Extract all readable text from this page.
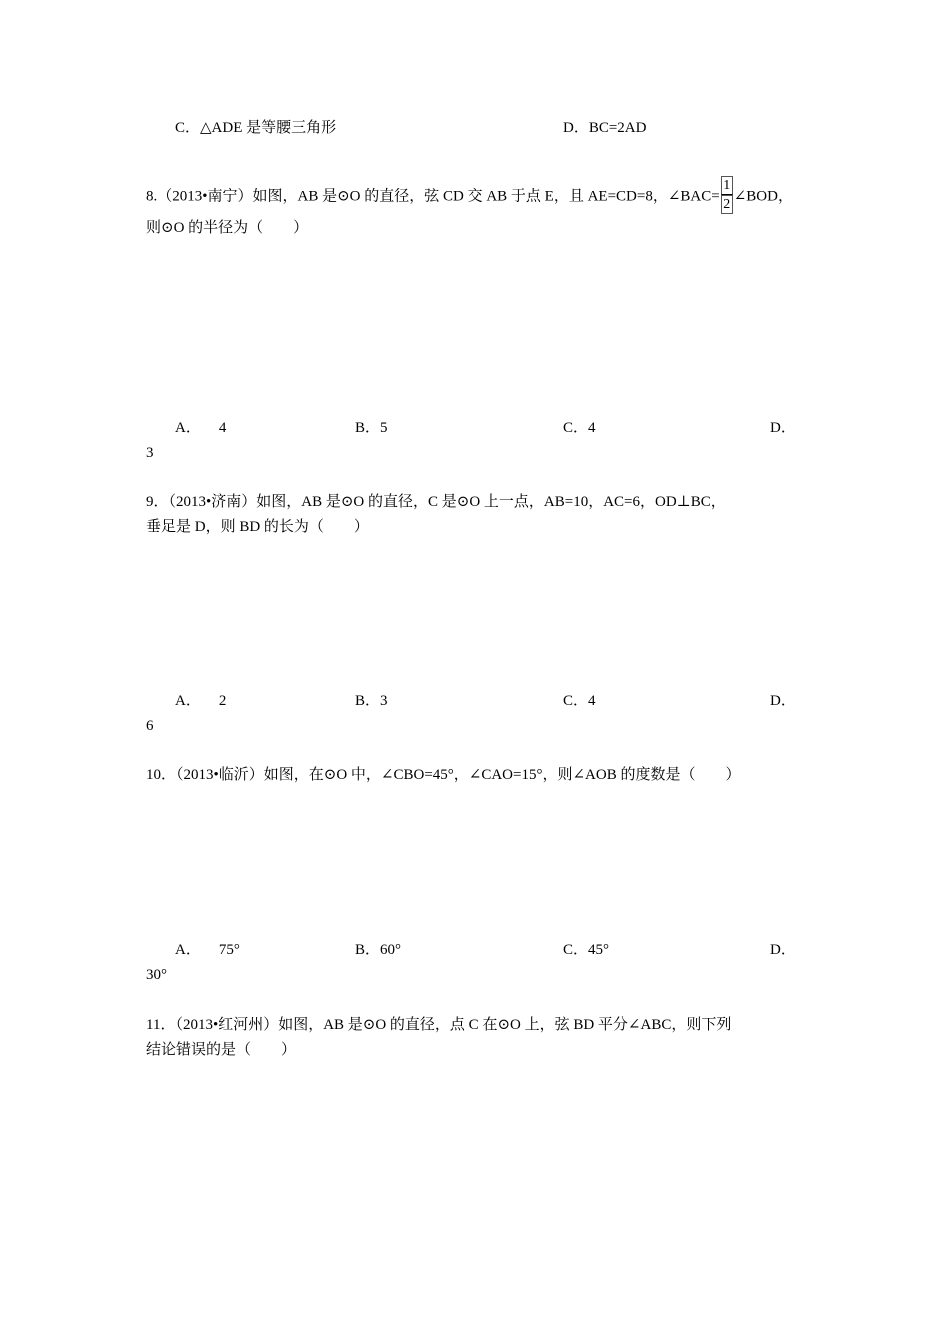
C．△ADE 是等腰三角形	D．BC=2AD
8.（2013•南宁）如图，AB 是⊙O 的直径，弦 CD 交 AB 于点 E，且 AE=CD=8，∠BAC= $\frac{1}{2}$ ∠BOD，
则⊙O 的半径为（　　）
A． 4	B．5	C．4	D．
3
9．（2013•济南）如图，AB 是⊙O 的直径，C 是⊙O 上一点，AB=10，AC=6，OD⊥BC，
垂足是 D，则 BD 的长为（　　）
A． 2	B．3	C．4	D．
6
10．（2013•临沂）如图，在⊙O 中，∠CBO=45°，∠CAO=15°，则∠AOB 的度数是（　　）
A． 75°	B．60°	C．45°	D．
30°
11．（2013•红河州）如图，AB 是⊙O 的直径，点 C 在⊙O 上，弦 BD 平分∠ABC，则下列
结论错误的是（　　）
